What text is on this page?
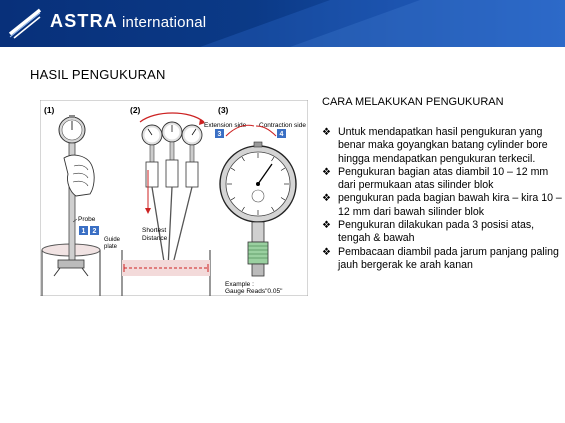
ASTRA international
HASIL PENGUKURAN
CARA MELAKUKAN PENGUKURAN
(1)
Probe
1 2
Guide
plate
(2)
Shortest
Distance
(3)
Extension side Contraction side
3	4
Example :
Gauge Reads"0.05"
❖ Untuk mendapatkan hasil pengukuran yang benar maka goyangkan batang cylinder bore hingga mendapatkan pengukuran terkecil.
❖ Pengukuran bagian atas diambil 10 – 12 mm dari permukaan atas silinder blok
❖ pengukuran pada bagian bawah kira – kira 10 – 12 mm dari bawah silinder blok
❖ Pengukuran dilakukan pada 3 posisi atas, tengah & bawah
❖ Pembacaan diambil pada jarum panjang paling jauh bergerak ke arah kanan
